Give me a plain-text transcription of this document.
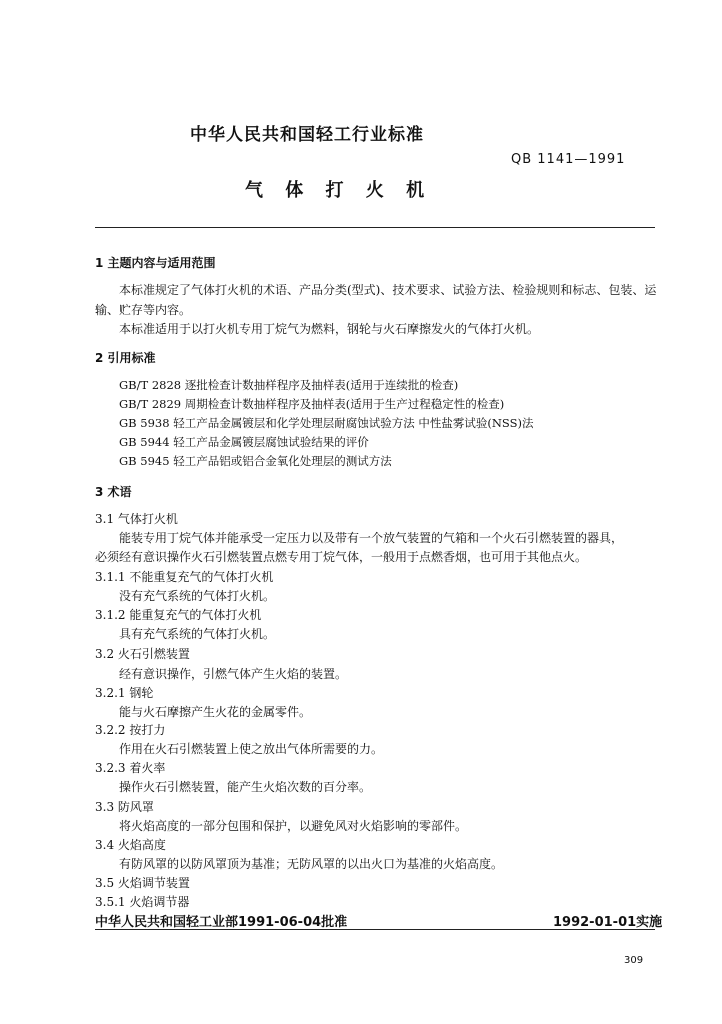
中华人民共和国轻工行业标准
QB 1141—1991
气 体 打 火 机
1 主题内容与适用范围
本标准规定了气体打火机的术语、产品分类(型式)、技术要求、试验方法、检验规则和标志、包装、运
输、贮存等内容。
本标准适用于以打火机专用丁烷气为燃料，钢轮与火石摩擦发火的气体打火机。
2 引用标准
GB/T 2828 逐批检查计数抽样程序及抽样表(适用于连续批的检查)
GB/T 2829 周期检查计数抽样程序及抽样表(适用于生产过程稳定性的检查)
GB 5938 轻工产品金属镀层和化学处理层耐腐蚀试验方法 中性盐雾试验(NSS)法
GB 5944 轻工产品金属镀层腐蚀试验结果的评价
GB 5945 轻工产品铝或铝合金氧化处理层的测试方法
3 术语
3.1 气体打火机
能装专用丁烷气体并能承受一定压力以及带有一个放气装置的气箱和一个火石引燃装置的器具，
必须经有意识操作火石引燃装置点燃专用丁烷气体，一般用于点燃香烟，也可用于其他点火。
3.1.1 不能重复充气的气体打火机
没有充气系统的气体打火机。
3.1.2 能重复充气的气体打火机
具有充气系统的气体打火机。
3.2 火石引燃装置
经有意识操作，引燃气体产生火焰的装置。
3.2.1 钢轮
能与火石摩擦产生火花的金属零件。
3.2.2 按打力
作用在火石引燃装置上使之放出气体所需要的力。
3.2.3 着火率
操作火石引燃装置，能产生火焰次数的百分率。
3.3 防风罩
将火焰高度的一部分包围和保护，以避免风对火焰影响的零部件。
3.4 火焰高度
有防风罩的以防风罩顶为基准；无防风罩的以出火口为基准的火焰高度。
3.5 火焰调节装置
3.5.1 火焰调节器
中华人民共和国轻工业部1991-06-04批准	1992-01-01实施
309
